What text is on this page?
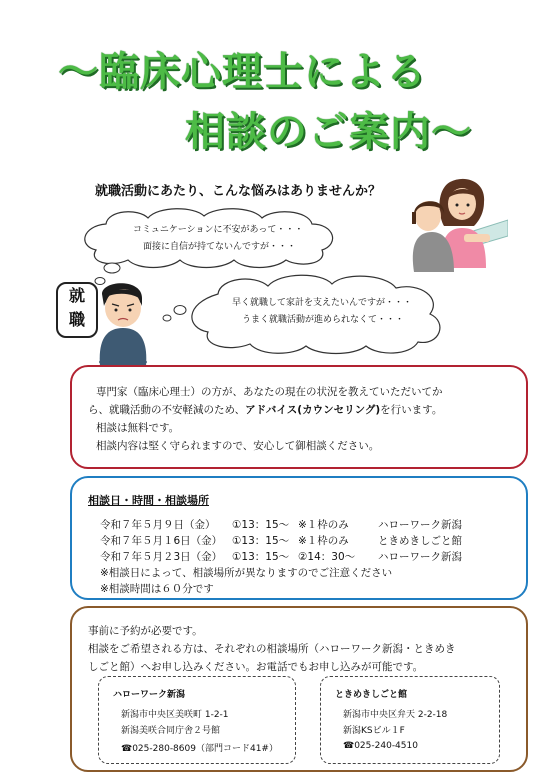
～臨床心理士による
相談のご案内～
就職活動にあたり、こんな悩みはありませんか？
コミュニケーションに不安があって・・・
面接に自信が持てないんですが・・・
早く就職して家計を支えたいんですが・・・
うまく就職活動が進められなくて・・・
就
職
専門家（臨床心理士）の方が、あなたの現在の状況を教えていただいてか
ら、就職活動の不安軽減のため、アドバイス(カウンセリング)を行います。
相談は無料です。
相談内容は堅く守られますので、安心して御相談ください。
相談日・時間・相談場所
令和７年５月９日（金） ①13：15～ ※１枠のみ	ハローワーク新潟
令和７年５月１6日（金） ①13：15～ ※１枠のみ	ときめきしごと館
令和７年５月２3日（金） ①13：15～ ②14：30～ ハローワーク新潟
※相談日によって、相談場所が異なりますのでご注意ください
※相談時間は６０分です
事前に予約が必要です。
相談をご希望される方は、それぞれの相談場所（ハローワーク新潟・ときめき
しごと館）へお申し込みください。お電話でもお申し込みが可能です。
ハローワーク新潟
新潟市中央区美咲町 1-2-1
新潟美咲合同庁舎２号館
☎025-280-8609（部門コード41#）
ときめきしごと館
新潟市中央区弁天 2-2-18
新潟KSビル１F
☎025-240-4510
